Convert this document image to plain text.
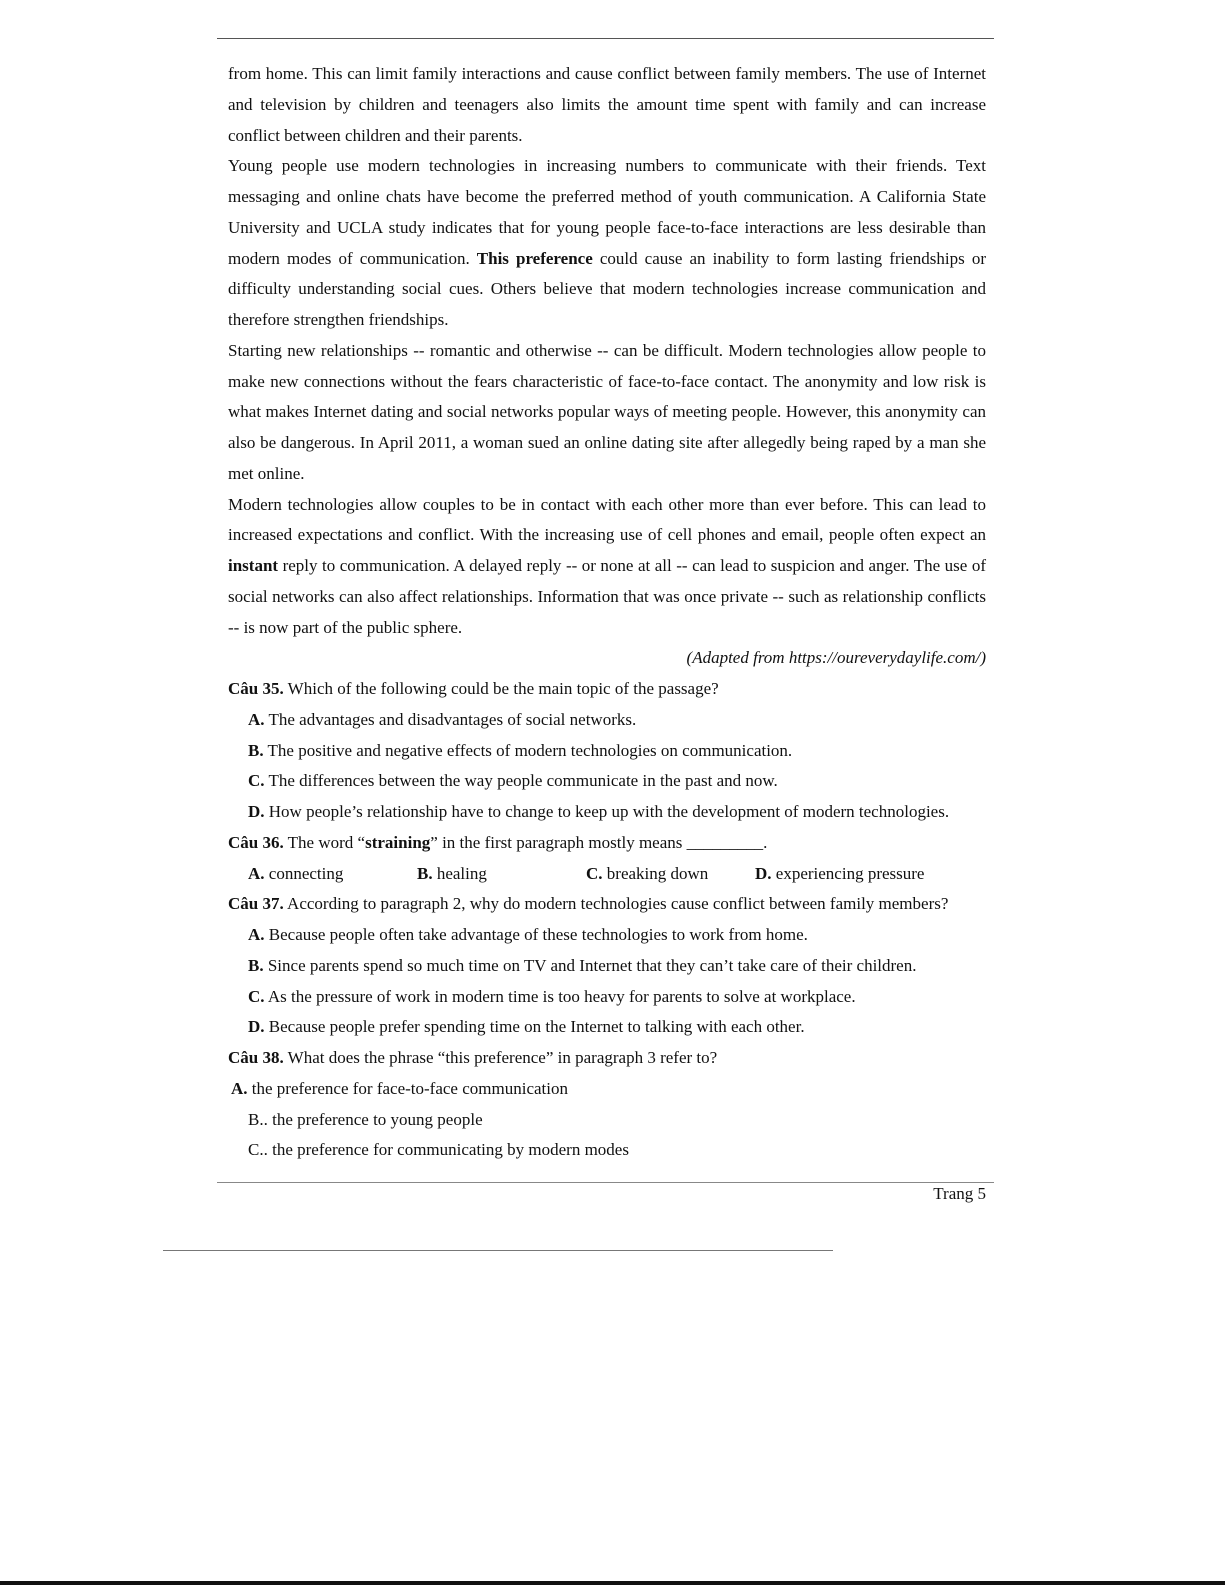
from home. This can limit family interactions and cause conflict between family members. The use of Internet and television by children and teenagers also limits the amount time spent with family and can increase conflict between children and their parents.

Young people use modern technologies in increasing numbers to communicate with their friends. Text messaging and online chats have become the preferred method of youth communication. A California State University and UCLA study indicates that for young people face-to-face interactions are less desirable than modern modes of communication. This preference could cause an inability to form lasting friendships or difficulty understanding social cues. Others believe that modern technologies increase communication and therefore strengthen friendships.

Starting new relationships -- romantic and otherwise -- can be difficult. Modern technologies allow people to make new connections without the fears characteristic of face-to-face contact. The anonymity and low risk is what makes Internet dating and social networks popular ways of meeting people. However, this anonymity can also be dangerous. In April 2011, a woman sued an online dating site after allegedly being raped by a man she met online.

Modern technologies allow couples to be in contact with each other more than ever before. This can lead to increased expectations and conflict. With the increasing use of cell phones and email, people often expect an instant reply to communication. A delayed reply -- or none at all -- can lead to suspicion and anger. The use of social networks can also affect relationships. Information that was once private -- such as relationship conflicts -- is now part of the public sphere.

(Adapted from https://oureverydaylife.com/)

Câu 35. Which of the following could be the main topic of the passage?

A. The advantages and disadvantages of social networks.

B. The positive and negative effects of modern technologies on communication.

C. The differences between the way people communicate in the past and now.

D. How people’s relationship have to change to keep up with the development of modern technologies.

Câu 36. The word “straining” in the first paragraph mostly means _________.

A. connecting	B. healing	C. breaking down	D. experiencing pressure

Câu 37. According to paragraph 2, why do modern technologies cause conflict between family members?

A. Because people often take advantage of these technologies to work from home.

B. Since parents spend so much time on TV and Internet that they can’t take care of their children.

C. As the pressure of work in modern time is too heavy for parents to solve at workplace.

D. Because people prefer spending time on the Internet to talking with each other.

Câu 38. What does the phrase “this preference” in paragraph 3 refer to?

A. the preference for face-to-face communication

B.. the preference to young people

C.. the preference for communicating by modern modes

Trang 5
